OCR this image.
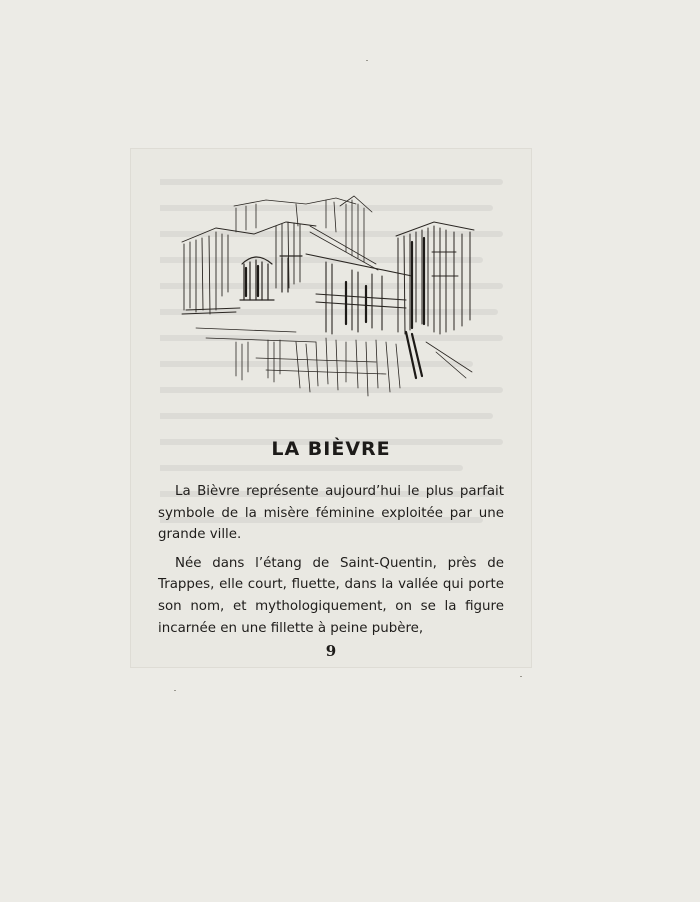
LA BIÈVRE

La Bièvre représente aujourd’hui le plus parfait symbole de la misère féminine exploitée par une grande ville.

Née dans l’étang de Saint-Quentin, près de Trappes, elle court, fluette, dans la vallée qui porte son nom, et mythologiquement, on se la figure incarnée en une fillette à peine pubère,

9
